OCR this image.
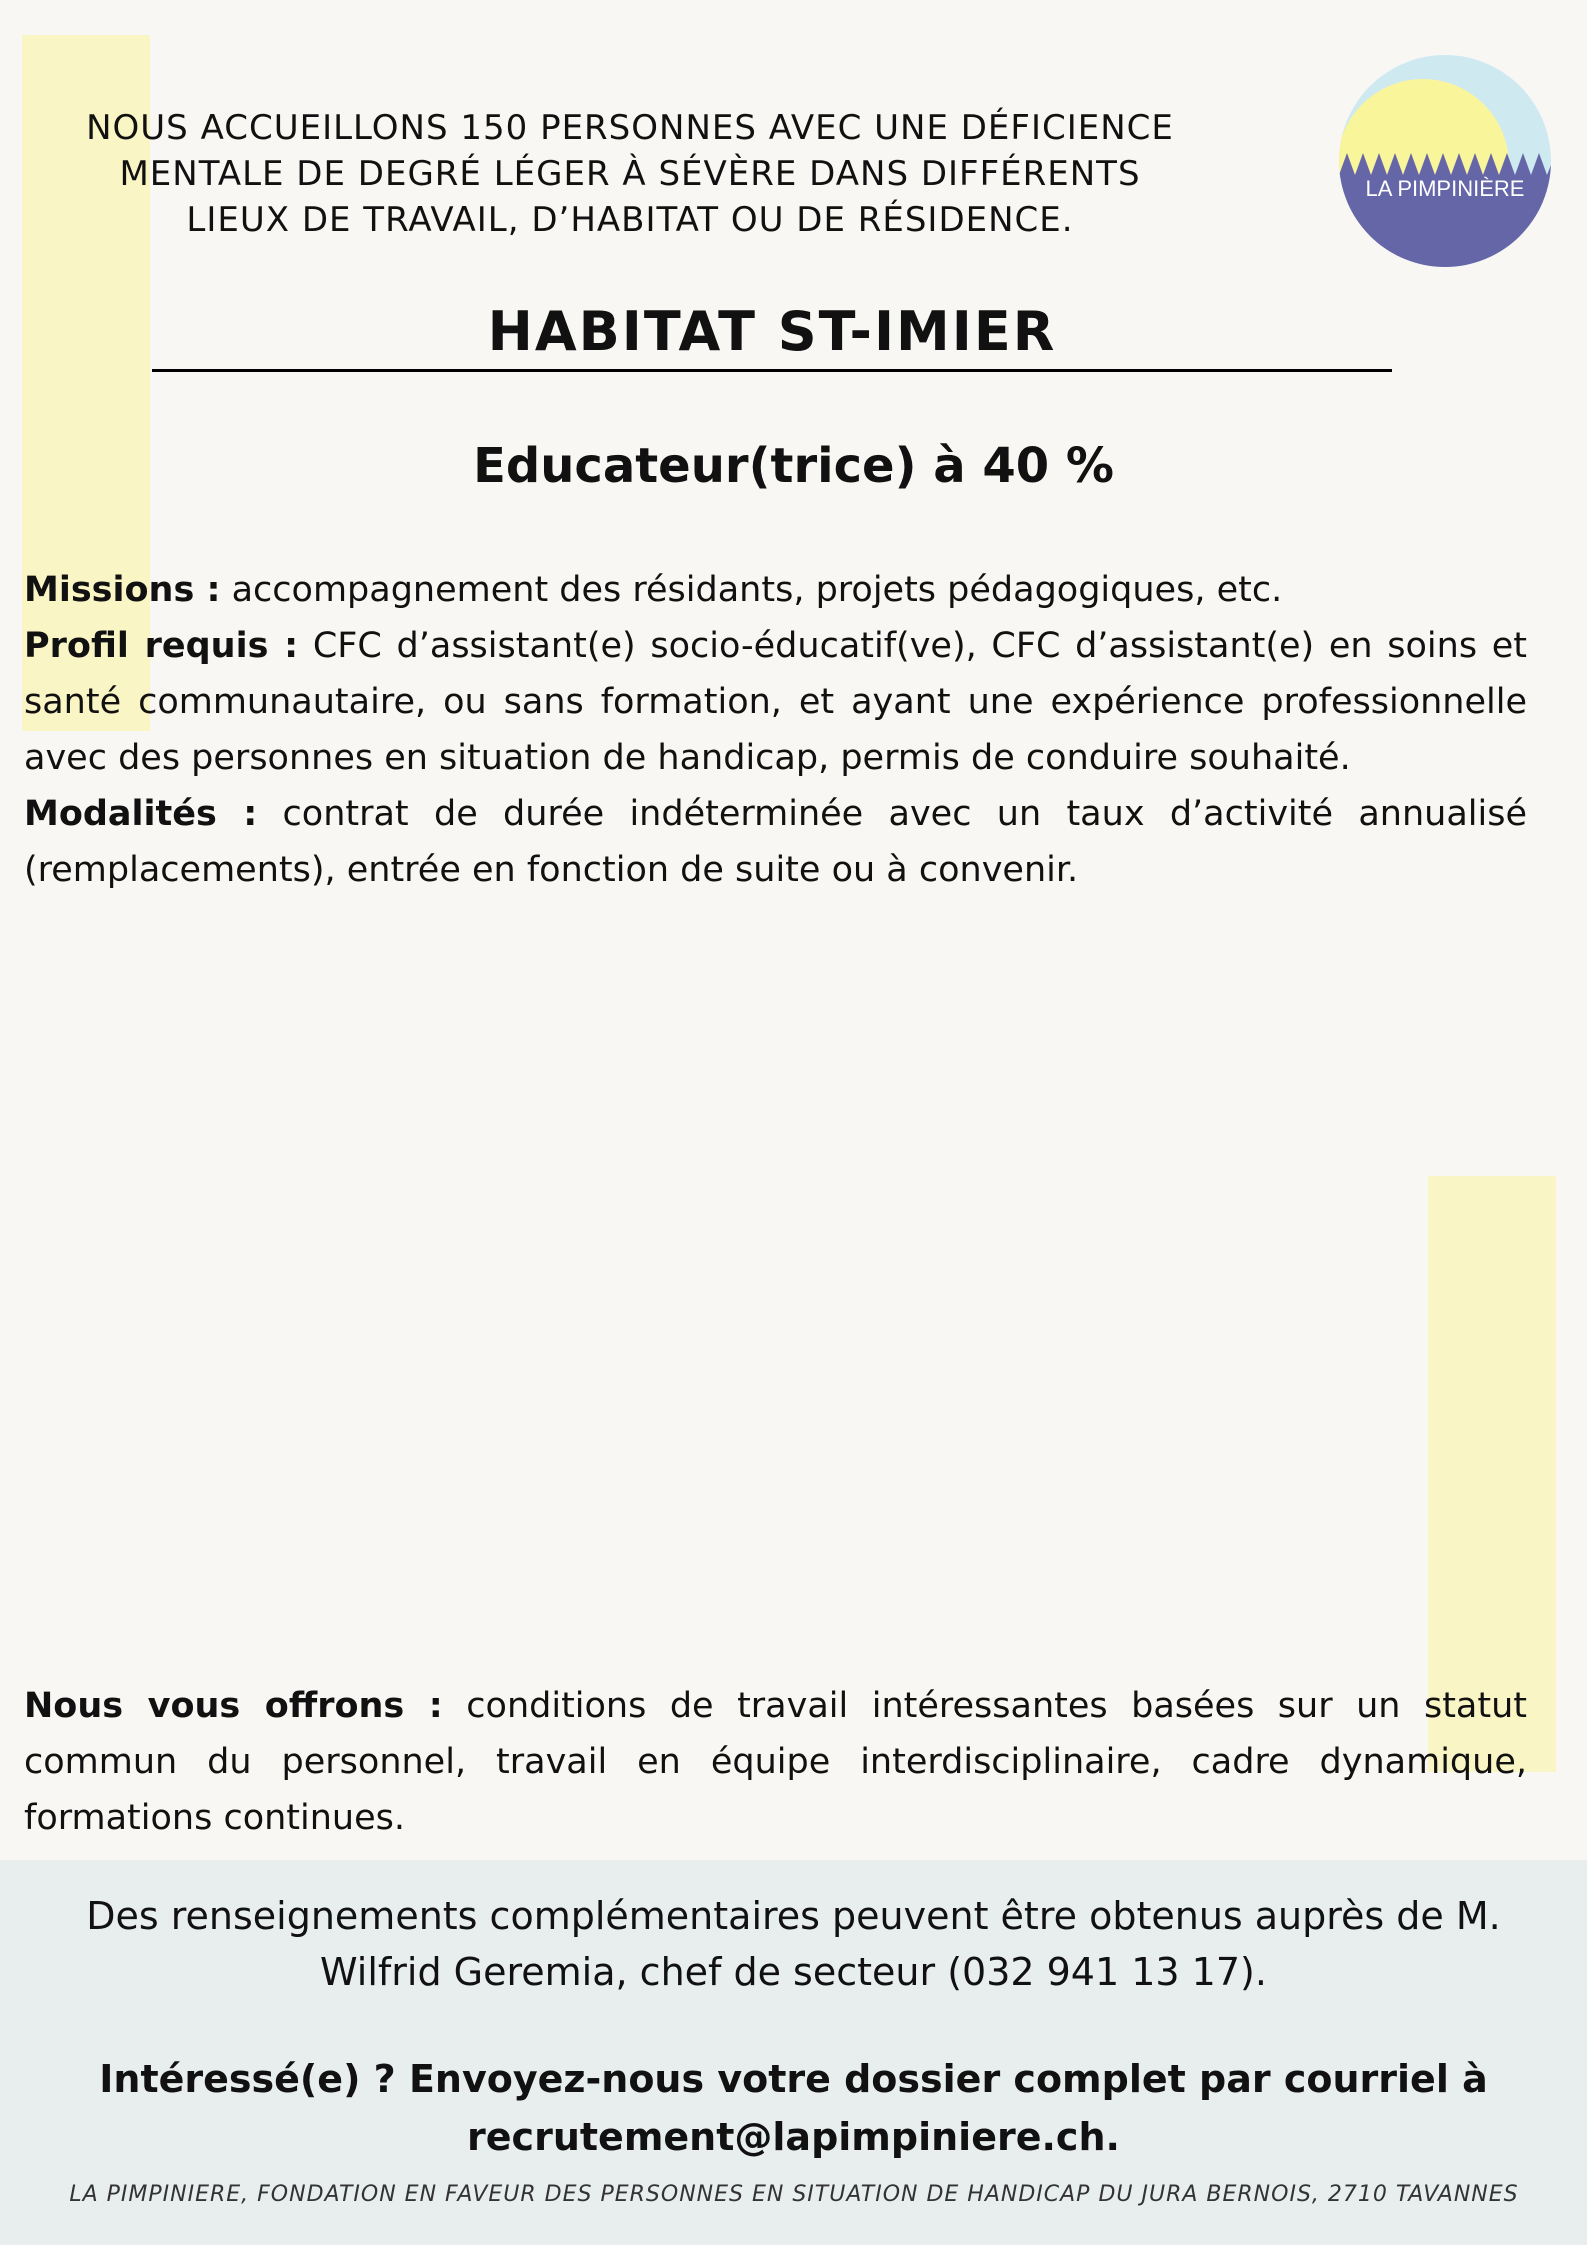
NOUS ACCUEILLONS 150 PERSONNES AVEC UNE DÉFICIENCE MENTALE DE DEGRÉ LÉGER À SÉVÈRE DANS DIFFÉRENTS LIEUX DE TRAVAIL, D’HABITAT OU DE RÉSIDENCE.
LA PIMPINIÈRE
HABITAT ST-IMIER
Educateur(trice) à 40 %

Missions : accompagnement des résidants, projets pédagogiques, etc.

Profil requis : CFC d’assistant(e) socio-éducatif(ve), CFC d’assistant(e) en soins et santé communautaire, ou sans formation, et ayant une expérience professionnelle avec des personnes en situation de handicap, permis de conduire souhaité.

Modalités : contrat de durée indéterminée avec un taux d’activité annualisé (remplacements), entrée en fonction de suite ou à convenir.

Nous vous offrons : conditions de travail intéressantes basées sur un statut commun du personnel, travail en équipe interdisciplinaire, cadre dynamique, formations continues.

Des renseignements complémentaires peuvent être obtenus auprès de M.
Wilfrid Geremia, chef de secteur (032 941 13 17).
Intéressé(e) ? Envoyez-nous votre dossier complet par courriel à
recrutement@lapimpiniere.ch.
LA PIMPINIERE, FONDATION EN FAVEUR DES PERSONNES EN SITUATION DE HANDICAP DU JURA BERNOIS, 2710 TAVANNES
